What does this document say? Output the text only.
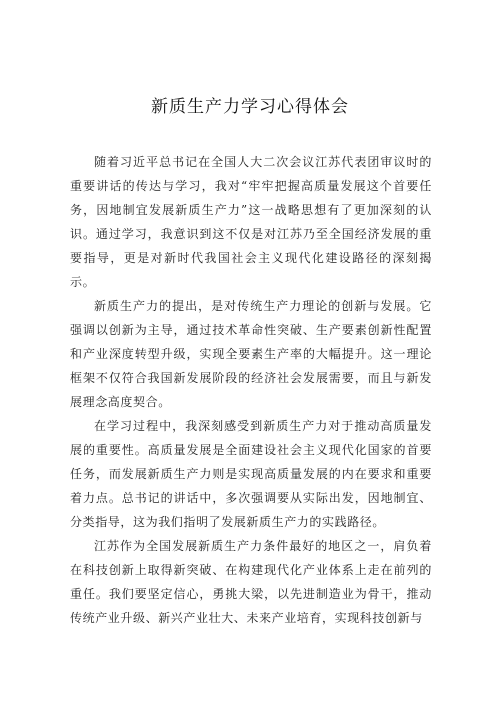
新质生产力学习心得体会

随着习近平总书记在全国人大二次会议江苏代表团审议时的重要讲话的传达与学习，我对“牢牢把握高质量发展这个首要任务，因地制宜发展新质生产力”这一战略思想有了更加深刻的认识。通过学习，我意识到这不仅是对江苏乃至全国经济发展的重要指导，更是对新时代我国社会主义现代化建设路径的深刻揭示。

新质生产力的提出，是对传统生产力理论的创新与发展。它强调以创新为主导，通过技术革命性突破、生产要素创新性配置和产业深度转型升级，实现全要素生产率的大幅提升。这一理论框架不仅符合我国新发展阶段的经济社会发展需要，而且与新发展理念高度契合。

在学习过程中，我深刻感受到新质生产力对于推动高质量发展的重要性。高质量发展是全面建设社会主义现代化国家的首要任务，而发展新质生产力则是实现高质量发展的内在要求和重要着力点。总书记的讲话中，多次强调要从实际出发，因地制宜、分类指导，这为我们指明了发展新质生产力的实践路径。

江苏作为全国发展新质生产力条件最好的地区之一，肩负着在科技创新上取得新突破、在构建现代化产业体系上走在前列的重任。我们要坚定信心，勇挑大梁，以先进制造业为骨干，推动传统产业升级、新兴产业壮大、未来产业培育，实现科技创新与
